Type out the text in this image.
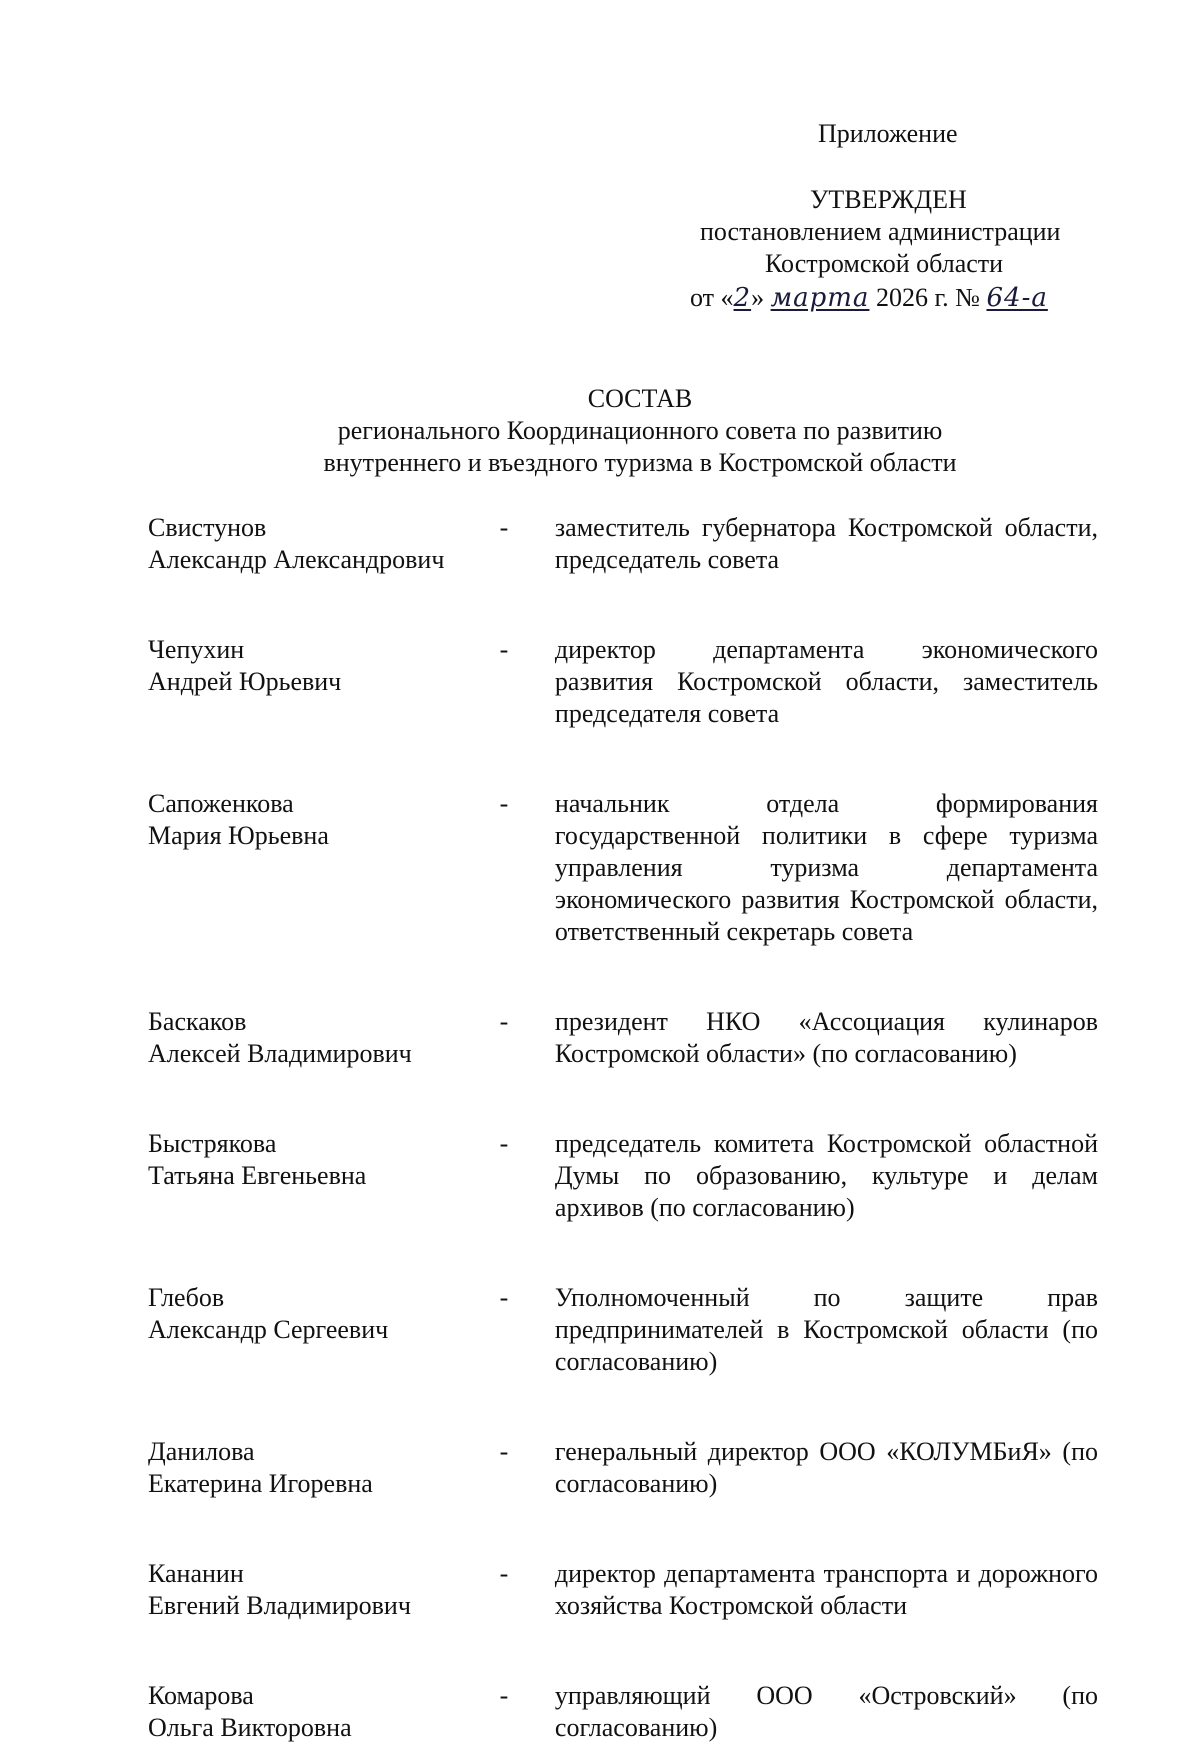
Приложение
УТВЕРЖДЕН
постановлением администрации
Костромской области
от «2» марта 2026 г. № 64-а
СОСТАВ
регионального Координационного совета по развитию
внутреннего и въездного туризма в Костромской области
Свистунов
Александр Александрович
-	заместитель губернатора Костромской области, председатель совета
Чепухин
Андрей Юрьевич
-	директор департамента экономического развития Костромской области, заместитель председателя совета
Сапоженкова
Мария Юрьевна
-	начальник отдела формирования государственной политики в сфере туризма управления туризма департамента экономического развития Костромской области, ответственный секретарь совета
Баскаков
Алексей Владимирович
-	президент НКО «Ассоциация кулинаров Костромской области» (по согласованию)
Быстрякова
Татьяна Евгеньевна
-	председатель комитета Костромской областной Думы по образованию, культуре и делам архивов (по согласованию)
Глебов
Александр Сергеевич
-	Уполномоченный по защите прав предпринимателей в Костромской области (по согласованию)
Данилова
Екатерина Игоревна
-	генеральный директор ООО «КОЛУМБиЯ» (по согласованию)
Кананин
Евгений Владимирович
-	директор департамента транспорта и дорожного хозяйства Костромской области
Комарова
Ольга Викторовна
-	управляющий ООО «Островский» (по согласованию)
